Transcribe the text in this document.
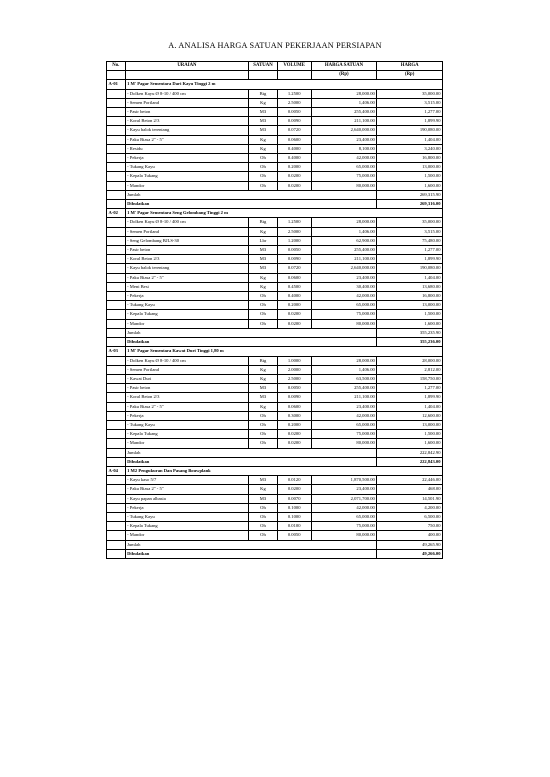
A. ANALISA HARGA SATUAN PEKERJAAN PERSIAPAN
No.	URAIAN	SATUAN	VOLUME	HARGA SATUAN	HARGA
				(Rp)	(Rp)
A-01	1 M' Pagar Sementara Dari Kayu Tinggi 2 m				
	- Dolken Kayu Ø 8-10 / 400 cm	Btg	1.2500	28,000.00	35,000.00
	- Semen Portland	Kg	2.5000	1,406.00	3,515.00
	- Pasir beton	M3	0.0050	255,400.00	1,277.00
	- Koral Beton 2/3	M3	0.0090	211,100.00	1,899.90
	- Kayu balok terentang	M3	0.0720	2,640,000.00	190,080.00
	- Paku Biasa 2" - 5"	Kg	0.0600	23,400.00	1,404.00
	- Residu	Kg	0.4000	8,100.00	3,240.00
	- Pekerja	Oh	0.4000	42,000.00	16,800.00
	- Tukang Kayu	Oh	0.2000	65,000.00	13,000.00
	- Kepala Tukang	Oh	0.0200	75,000.00	1,500.00
	- Mandor	Oh	0.0200	80,000.00	1,600.00
	Jumlah				269,315.90
	Dibulatkan				269,316.00
A-02	1 M' Pagar Sementara Seng Gelombang Tinggi 2 m				
	- Dolken Kayu Ø 8-10 / 400 cm	Btg	1.2500	28,000.00	35,000.00
	- Semen Portland	Kg	2.5000	1,406.00	3,515.00
	- Seng Gelombang BJLS-30	Lbr	1.2000	62,900.00	75,480.00
	- Pasir beton	M3	0.0050	255,400.00	1,277.00
	- Koral Beton 2/3	M3	0.0090	211,100.00	1,899.90
	- Kayu balok terentang	M3	0.0720	2,640,000.00	190,080.00
	- Paku Biasa 2" - 5"	Kg	0.0600	23,400.00	1,404.00
	- Meni Besi	Kg	0.4500	30,400.00	13,680.00
	- Pekerja	Oh	0.4000	42,000.00	16,800.00
	- Tukang Kayu	Oh	0.2000	65,000.00	13,000.00
	- Kepala Tukang	Oh	0.0200	75,000.00	1,500.00
	- Mandor	Oh	0.0200	80,000.00	1,600.00
	Jumlah				355,235.90
	Dibulatkan				355,236.00
A-03	1 M' Pagar Sementara Kawat Duri Tinggi 1,80 m				
	- Dolken Kayu Ø 8-10 / 400 cm	Btg	1.0000	28,000.00	28,000.00
	- Semen Portland	Kg	2.0000	1,406.00	2,812.00
	- Kawat Duri	Kg	2.5000	63,500.00	158,750.00
	- Pasir beton	M3	0.0050	255,400.00	1,277.00
	- Koral Beton 2/3	M3	0.0090	211,100.00	1,899.90
	- Paku Biasa 2" - 5"	Kg	0.0600	23,400.00	1,404.00
	- Pekerja	Oh	0.3000	42,000.00	12,600.00
	- Tukang Kayu	Oh	0.2000	65,000.00	13,000.00
	- Kepala Tukang	Oh	0.0200	75,000.00	1,500.00
	- Mandor	Oh	0.0200	80,000.00	1,600.00
	Jumlah				222,842.90
	Dibulatkan				222,843.00
A-04	1 M2 Pengukuran Dan Pasang Bouwplank				
	- Kayu kaso 5/7	M3	0.0120	1,870,500.00	22,446.00
	- Paku Biasa 2" - 5"	Kg	0.0200	23,400.00	468.00
	- Kayu papan albasia	M3	0.0070	2,071,700.00	14,501.90
	- Pekerja	Oh	0.1000	42,000.00	4,200.00
	- Tukang Kayu	Oh	0.1000	65,000.00	6,500.00
	- Kepala Tukang	Oh	0.0100	75,000.00	750.00
	- Mandor	Oh	0.0050	80,000.00	400.00
	Jumlah				49,265.90
	Dibulatkan				49,266.00
